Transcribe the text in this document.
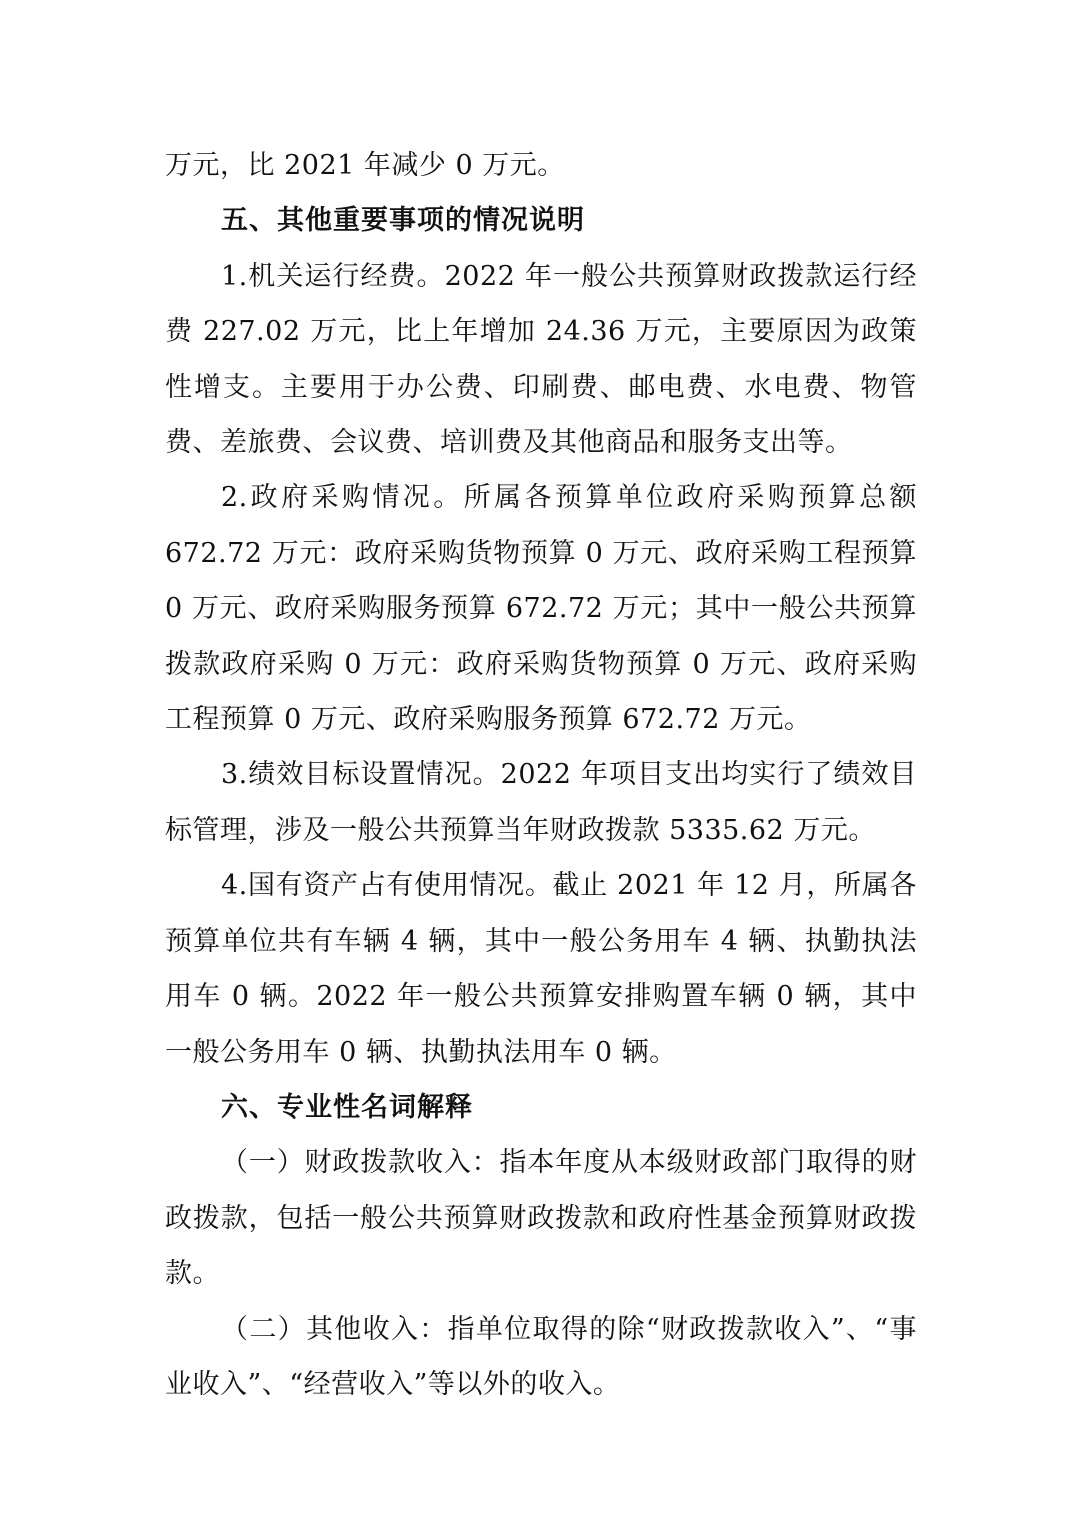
万元，比 2021 年减少 0 万元。

五、其他重要事项的情况说明

1.机关运行经费。2022 年一般公共预算财政拨款运行经费 227.02 万元，比上年增加 24.36 万元，主要原因为政策性增支。主要用于办公费、印刷费、邮电费、水电费、物管费、差旅费、会议费、培训费及其他商品和服务支出等。

2.政府采购情况。所属各预算单位政府采购预算总额 672.72 万元：政府采购货物预算 0 万元、政府采购工程预算 0 万元、政府采购服务预算 672.72 万元；其中一般公共预算拨款政府采购 0 万元：政府采购货物预算 0 万元、政府采购工程预算 0 万元、政府采购服务预算 672.72 万元。

3.绩效目标设置情况。2022 年项目支出均实行了绩效目标管理，涉及一般公共预算当年财政拨款 5335.62 万元。

4.国有资产占有使用情况。截止 2021 年 12 月，所属各预算单位共有车辆 4 辆，其中一般公务用车 4 辆、执勤执法用车 0 辆。2022 年一般公共预算安排购置车辆 0 辆，其中一般公务用车 0 辆、执勤执法用车 0 辆。

六、专业性名词解释

（一）财政拨款收入：指本年度从本级财政部门取得的财政拨款，包括一般公共预算财政拨款和政府性基金预算财政拨款。

（二）其他收入：指单位取得的除“财政拨款收入”、“事业收入”、“经营收入”等以外的收入。
